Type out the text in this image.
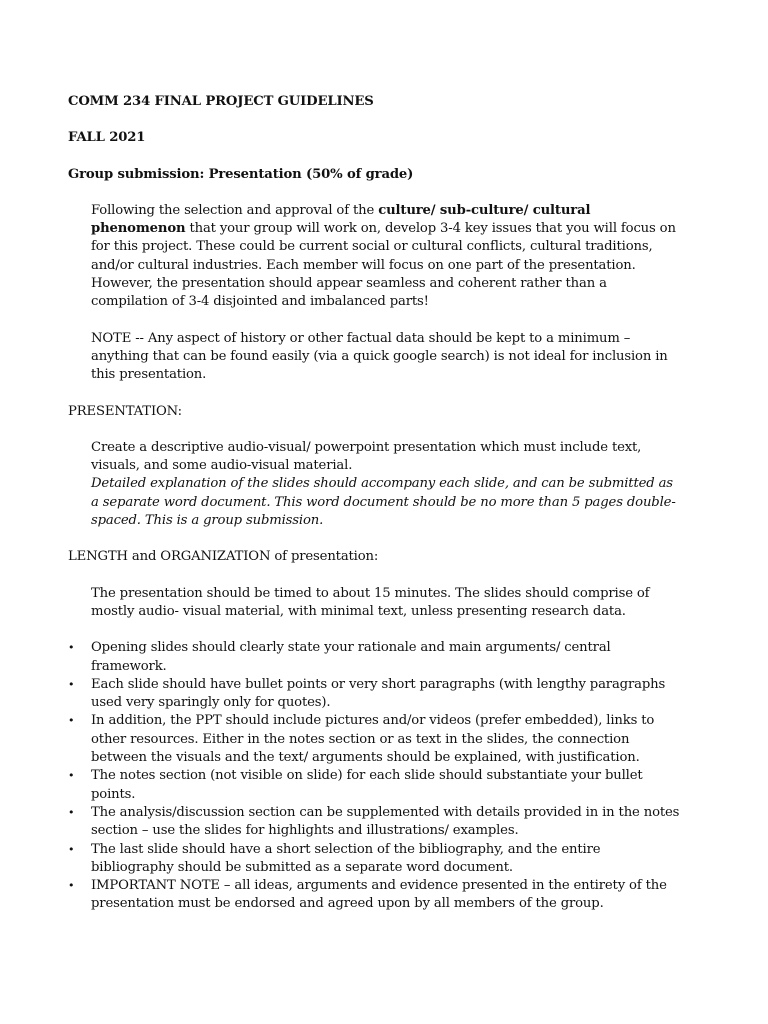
COMM 234 FINAL PROJECT GUIDELINES

FALL 2021

Group submission: Presentation (50% of grade)

Following the selection and approval of the culture/ sub-culture/ cultural phenomenon that your group will work on, develop 3-4 key issues that you will focus on for this project. These could be current social or cultural conflicts, cultural traditions, and/or cultural industries. Each member will focus on one part of the presentation. However, the presentation should appear seamless and coherent rather than a compilation of 3-4 disjointed and imbalanced parts!

NOTE -- Any aspect of history or other factual data should be kept to a minimum – anything that can be found easily (via a quick google search) is not ideal for inclusion in this presentation.

PRESENTATION:

Create a descriptive audio-visual/ powerpoint presentation which must include text, visuals, and some audio-visual material.

Detailed explanation of the slides should accompany each slide, and can be submitted as a separate word document. This word document should be no more than 5 pages double-spaced. This is a group submission.

LENGTH and ORGANIZATION of presentation:

The presentation should be timed to about 15 minutes. The slides should comprise of mostly audio- visual material, with minimal text, unless presenting research data.

• Opening slides should clearly state your rationale and main arguments/ central framework.
• Each slide should have bullet points or very short paragraphs (with lengthy paragraphs used very sparingly only for quotes).
• In addition, the PPT should include pictures and/or videos (prefer embedded), links to other resources. Either in the notes section or as text in the slides, the connection between the visuals and the text/ arguments should be explained, with justification.
• The notes section (not visible on slide) for each slide should substantiate your bullet points.
• The analysis/discussion section can be supplemented with details provided in in the notes section – use the slides for highlights and illustrations/ examples.
• The last slide should have a short selection of the bibliography, and the entire bibliography should be submitted as a separate word document.
• IMPORTANT NOTE – all ideas, arguments and evidence presented in the entirety of the presentation must be endorsed and agreed upon by all members of the group.
